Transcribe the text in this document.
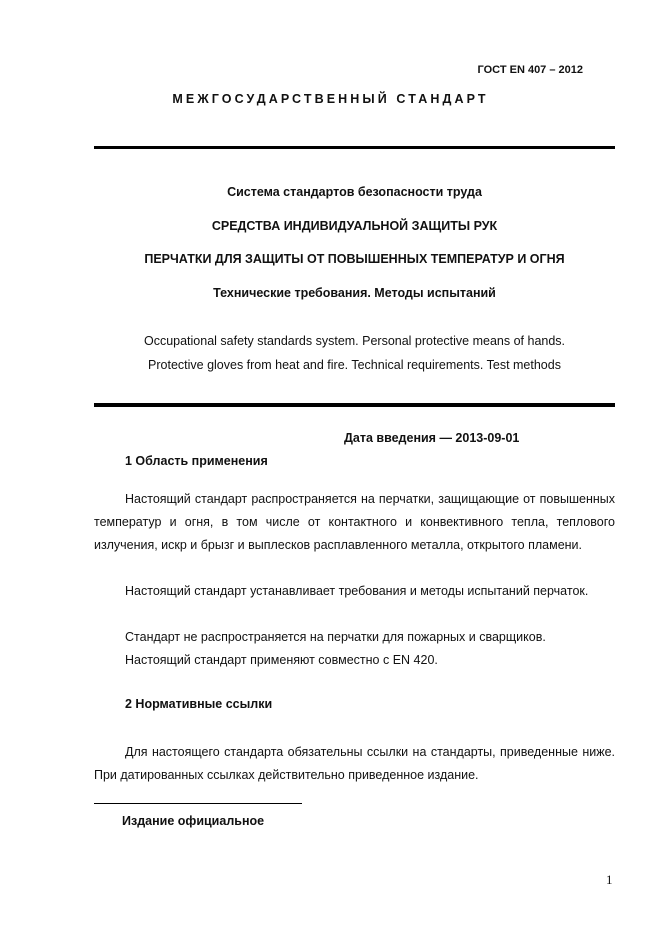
ГОСТ EN 407 – 2012
МЕЖГОСУДАРСТВЕННЫЙ СТАНДАРТ
Система стандартов безопасности труда
СРЕДСТВА ИНДИВИДУАЛЬНОЙ ЗАЩИТЫ РУК
ПЕРЧАТКИ ДЛЯ ЗАЩИТЫ ОТ ПОВЫШЕННЫХ ТЕМПЕРАТУР И ОГНЯ
Технические требования. Методы испытаний
Occupational safety standards system. Personal protective means of hands.
Protective gloves from heat and fire. Technical requirements. Test methods
Дата введения — 2013-09-01
1 Область применения
Настоящий стандарт распространяется на перчатки, защищающие от повышенных температур и огня, в том числе от контактного и конвективного тепла, теплового излучения, искр и брызг и выплесков расплавленного металла, открытого пламени.
Настоящий стандарт устанавливает требования и методы испытаний перчаток.
Стандарт не распространяется на перчатки для пожарных и сварщиков.
Настоящий стандарт применяют совместно с EN 420.
2 Нормативные ссылки
Для настоящего стандарта обязательны ссылки на стандарты, приведенные ниже. При датированных ссылках действительно приведенное издание.
Издание официальное
1
